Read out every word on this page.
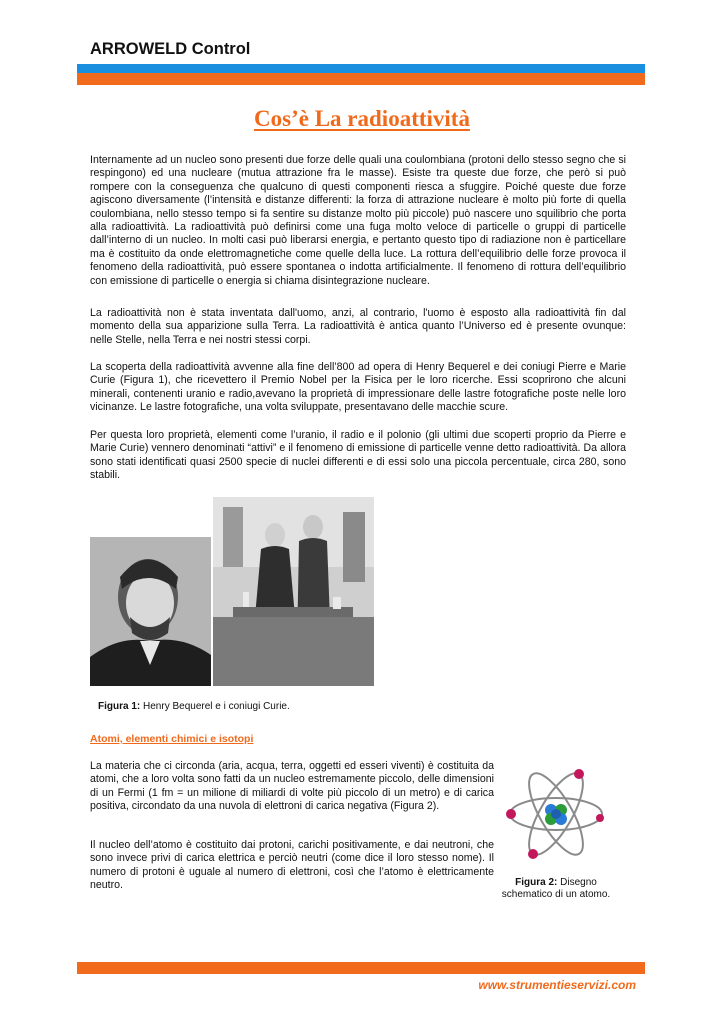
ARROWELD Control
Cos’è La radioattività

Internamente ad un nucleo sono presenti due forze delle quali una coulombiana (protoni dello stesso segno che si respingono) ed una nucleare (mutua attrazione fra le masse). Esiste tra queste due forze, che però si può rompere con la conseguenza che qualcuno di questi componenti riesca a sfuggire. Poiché queste due forze agiscono diversamente (l’intensità e distanze differenti: la forza di attrazione nucleare è molto più forte di quella coulombiana, nello stesso tempo si fa sentire su distanze molto più piccole) può nascere uno squilibrio che porta alla radioattività. La radioattività può definirsi come una fuga molto veloce di particelle o gruppi di particelle dall’interno di un nucleo. In molti casi può liberarsi energia, e pertanto questo tipo di radiazione non è particellare ma è costituito da onde elettromagnetiche come quelle della luce. La rottura dell’equilibrio delle forze provoca il fenomeno della radioattività, può essere spontanea o indotta artificialmente. Il fenomeno di rottura dell’equilibrio con emissione di particelle o energia si chiama disintegrazione nucleare.

La radioattività non è stata inventata dall'uomo, anzi, al contrario, l'uomo è esposto alla radioattività fin dal momento della sua apparizione sulla Terra. La radioattività è antica quanto l’Universo ed è presente ovunque: nelle Stelle, nella Terra e nei nostri stessi corpi.

La scoperta della radioattività avvenne alla fine dell’800 ad opera di Henry Bequerel e dei coniugi Pierre e Marie Curie (Figura 1), che ricevettero il Premio Nobel per la Fisica per le loro ricerche. Essi scoprirono che alcuni minerali, contenenti uranio e radio,avevano la proprietà di impressionare delle lastre fotografiche poste nelle loro vicinanze. Le lastre fotografiche, una volta sviluppate, presentavano delle macchie scure.

Per questa loro proprietà, elementi come l’uranio, il radio e il polonio (gli ultimi due scoperti proprio da Pierre e Marie Curie) vennero denominati “attivi” e il fenomeno di emissione di particelle venne detto radioattività. Da allora sono stati identificati quasi 2500 specie di nuclei differenti e di essi solo una piccola percentuale, circa 280, sono stabili.

Figura 1: Henry Bequerel e i coniugi Curie.
Atomi, elementi chimici e isotopi

La materia che ci circonda (aria, acqua, terra, oggetti ed esseri viventi) è costituita da atomi, che a loro volta sono fatti da un nucleo estremamente piccolo, delle dimensioni di un Fermi (1 fm = un milione di miliardi di volte più piccolo di un metro) e di carica positiva, circondato da una nuvola di elettroni di carica negativa (Figura 2).

Il nucleo dell’atomo è costituito dai protoni, carichi positivamente, e dai neutroni, che sono invece privi di carica elettrica e perciò neutri (come dice il loro stesso nome). Il numero di protoni è uguale al numero di elettroni, così che l’atomo è elettricamente neutro.	Figura 2: Disegno schematico di un atomo.
www.strumentieservizi.com
